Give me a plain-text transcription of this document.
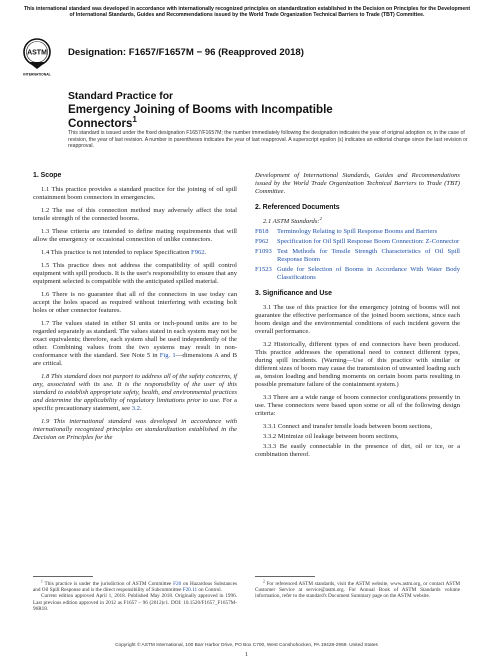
This international standard was developed in accordance with internationally recognized principles on standardization established in the Decision on Principles for the Development of International Standards, Guides and Recommendations issued by the World Trade Organization Technical Barriers to Trade (TBT) Committee.
ASTM
INTERNATIONAL
Designation: F1657/F1657M − 96 (Reapproved 2018)
Standard Practice for
Emergency Joining of Booms with Incompatible
Connectors$^1$
This standard is issued under the fixed designation F1657/F1657M; the number immediately following the designation indicates the year of original adoption or, in the case of revision, the year of last revision. A number in parentheses indicates the year of last reapproval. A superscript epsilon (ε) indicates an editorial change since the last revision or reapproval.
1. Scope
1.1 This practice provides a standard practice for the joining of oil spill containment boom connectors in emergencies.
1.2 The use of this connection method may adversely affect the total tensile strength of the connected booms.
1.3 These criteria are intended to define mating requirements that will allow the emergency or occasional connection of unlike connectors.
1.4 This practice is not intended to replace Specification F962.
1.5 This practice does not address the compatibility of spill control equipment with spill products. It is the user's responsibility to ensure that any equipment selected is compatible with the anticipated spilled material.
1.6 There is no guarantee that all of the connectors in use today can accept the holes spaced as required without interfering with existing bolt holes or other connector features.
1.7 The values stated in either SI units or inch-pound units are to be regarded separately as standard. The values stated in each system may not be exact equivalents; therefore, each system shall be used independently of the other. Combining values from the two systems may result in non-conformance with the standard. See Note 5 in Fig. 1—dimensions A and B are critical.
1.8 This standard does not purport to address all of the safety concerns, if any, associated with its use. It is the responsibility of the user of this standard to establish appropriate safety, health, and environmental practices and determine the applicability of regulatory limitations prior to use. For a specific precautionary statement, see 3.2.
1.9 This international standard was developed in accordance with internationally recognized principles on standardization established in the Decision on Principles for the
$^1$ This practice is under the jurisdiction of ASTM Committee F20 on Hazardous Substances and Oil Spill Response and is the direct responsibility of Subcommittee F20.11 on Control.
Current edition approved April 1, 2018. Published May 2018. Originally approved in 1996. Last previous edition approved in 2012 as F1657 – 96 (2012)ε1. DOI: 10.1520/F1657_F1657M-96R18.
Development of International Standards, Guides and Recommendations issued by the World Trade Organization Technical Barriers to Trade (TBT) Committee.
2. Referenced Documents
2.1 ASTM Standards:$^2$
F818	Terminology Relating to Spill Response Booms and Barriers
F962	Specification for Oil Spill Response Boom Connection: Z-Connector
F1093 Test Methods for Tensile Strength Characteristics of Oil Spill Response Boom
F1523 Guide for Selection of Booms in Accordance With Water Body Classifications
3. Significance and Use
3.1 The use of this practice for the emergency joining of booms will not guarantee the effective performance of the joined boom sections, since each boom design and the environmental conditions of each incident govern the overall performance.
3.2 Historically, different types of end connectors have been produced. This practice addresses the operational need to connect different types, during spill incidents. (Warning—Use of this practice with similar or different sizes of boom may cause the transmission of unwanted loading such as, tension loading and bending moments on certain boom parts resulting in possible premature failure of the containment system.)
3.3 There are a wide range of boom connector configurations presently in use. These connectors were based upon some or all of the following design criteria:
3.3.1 Connect and transfer tensile loads between boom sections,
3.3.2 Minimize oil leakage between boom sections,
3.3.3 Be easily connectable in the presence of dirt, oil or ice, or a combination thereof.
$^2$ For referenced ASTM standards, visit the ASTM website, www.astm.org, or contact ASTM Customer Service at service@astm.org. For Annual Book of ASTM Standards volume information, refer to the standard's Document Summary page on the ASTM website.
Copyright © ASTM International, 100 Barr Harbor Drive, PO Box C700, West Conshohocken, PA 19428-2959. United States
1
